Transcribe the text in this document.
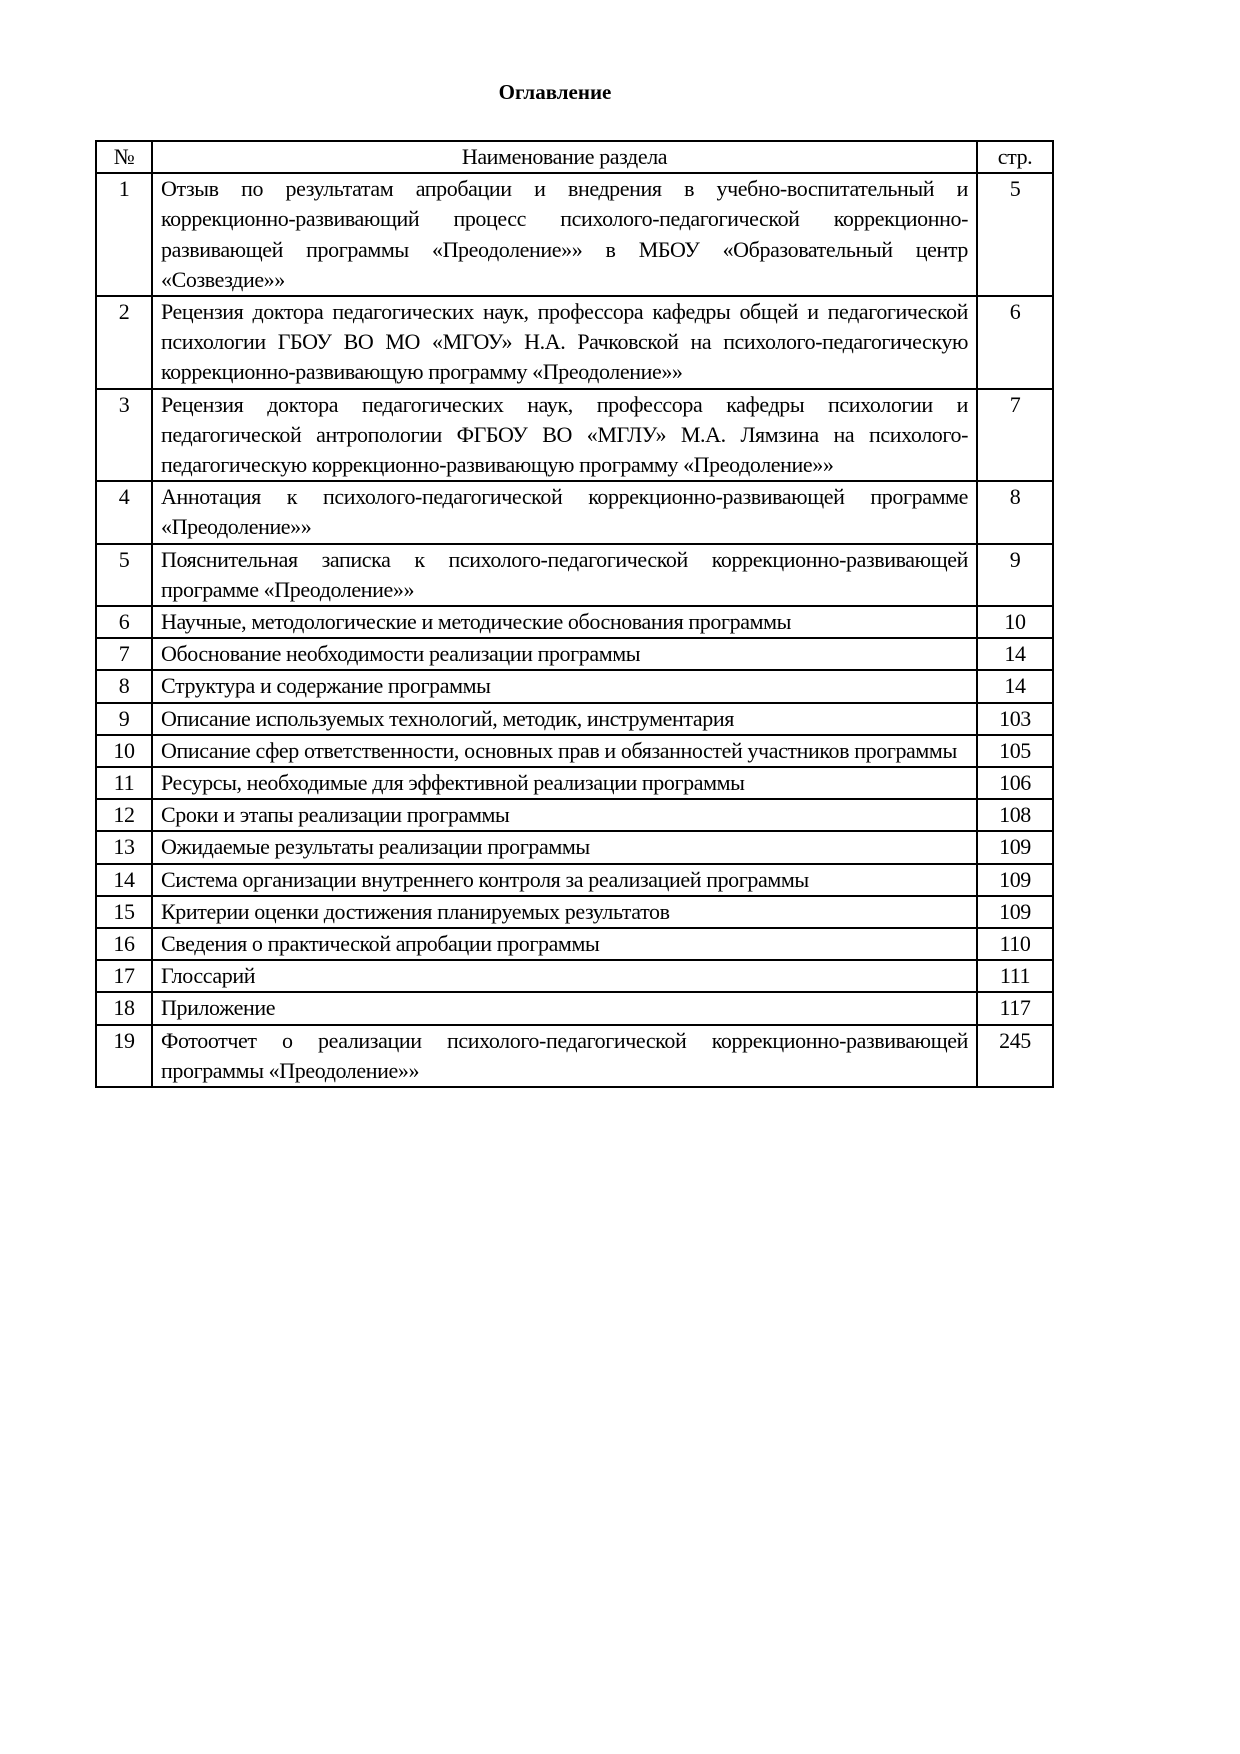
Оглавление
№	Наименование раздела	стр.
1	Отзыв по результатам апробации и внедрения в учебно-воспитательный и коррекционно-развивающий процесс психолого-педагогической коррекционно-развивающей программы «Преодоление»» в МБОУ «Образовательный центр «Созвездие»»	5
2	Рецензия доктора педагогических наук, профессора кафедры общей и педагогической психологии ГБОУ ВО МО «МГОУ» Н.А. Рачковской на психолого-педагогическую коррекционно-развивающую программу «Преодоление»»	6
3	Рецензия доктора педагогических наук, профессора кафедры психологии и педагогической антропологии ФГБОУ ВО «МГЛУ» М.А. Лямзина на психолого-педагогическую коррекционно-развивающую программу «Преодоление»»	7
4	Аннотация к психолого-педагогической коррекционно-развивающей программе «Преодоление»»	8
5	Пояснительная записка к психолого-педагогической коррекционно-развивающей программе «Преодоление»»	9
6	Научные, методологические и методические обоснования программы	10
7	Обоснование необходимости реализации программы	14
8	Структура и содержание программы	14
9	Описание используемых технологий, методик, инструментария	103
10	Описание сфер ответственности, основных прав и обязанностей участников программы	105
11	Ресурсы, необходимые для эффективной реализации программы	106
12	Сроки и этапы реализации программы	108
13	Ожидаемые результаты реализации программы	109
14	Система организации внутреннего контроля за реализацией программы	109
15	Критерии оценки достижения планируемых результатов	109
16	Сведения о практической апробации программы	110
17	Глоссарий	111
18	Приложение	117
19	Фотоотчет о реализации психолого-педагогической коррекционно-развивающей программы «Преодоление»»	245
